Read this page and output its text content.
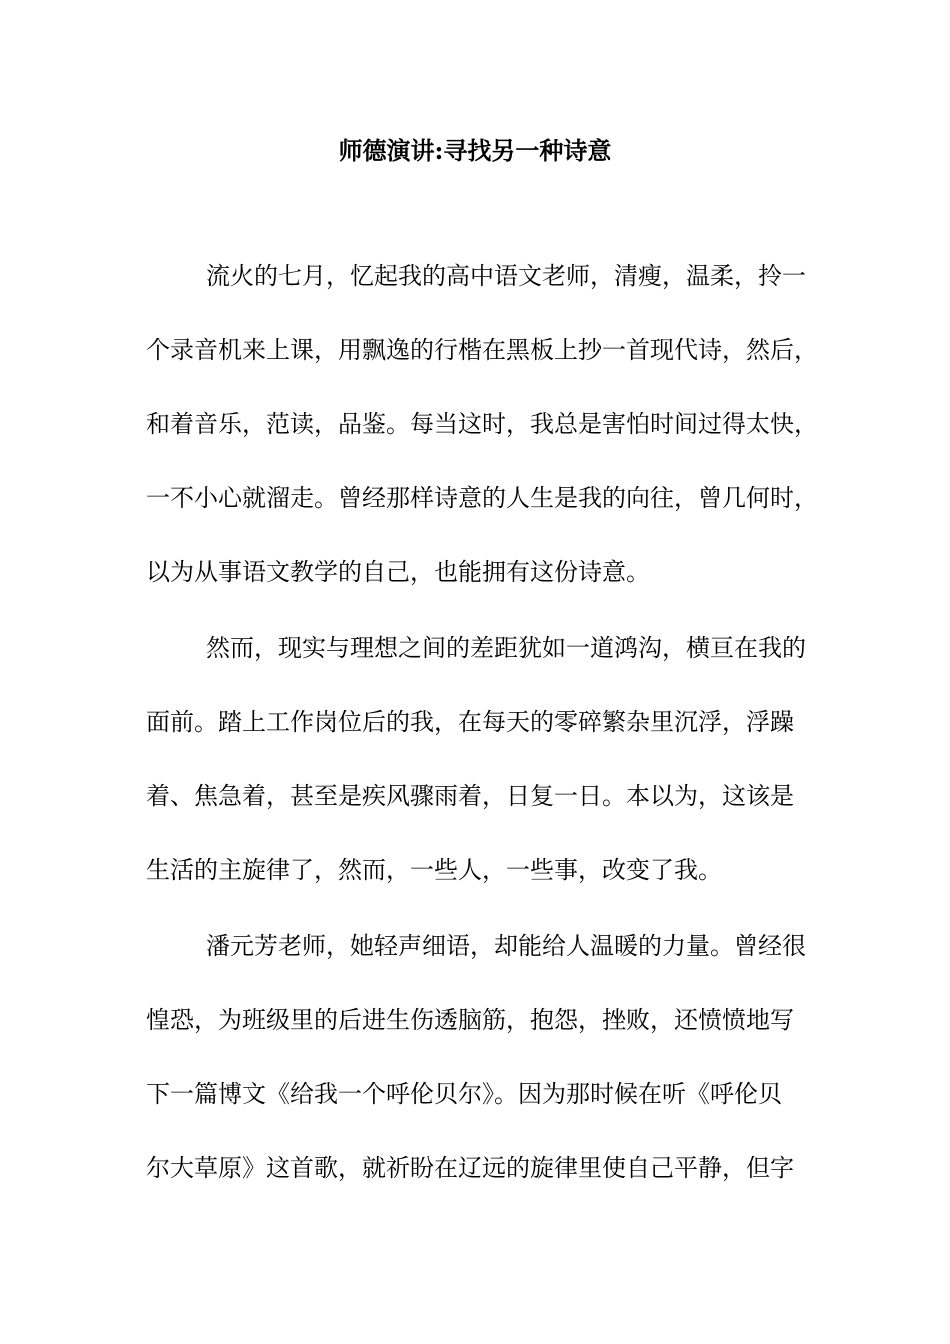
师德演讲:寻找另一种诗意
流火的七月，忆起我的高中语文老师，清瘦，温柔，拎一
个录音机来上课，用飘逸的行楷在黑板上抄一首现代诗，然后，
和着音乐，范读，品鉴。每当这时，我总是害怕时间过得太快，
一不小心就溜走。曾经那样诗意的人生是我的向往，曾几何时，
以为从事语文教学的自己，也能拥有这份诗意。
然而，现实与理想之间的差距犹如一道鸿沟，横亘在我的
面前。踏上工作岗位后的我，在每天的零碎繁杂里沉浮，浮躁
着、焦急着，甚至是疾风骤雨着，日复一日。本以为，这该是
生活的主旋律了，然而，一些人，一些事，改变了我。
潘元芳老师，她轻声细语，却能给人温暖的力量。曾经很
惶恐，为班级里的后进生伤透脑筋，抱怨，挫败，还愤愤地写
下一篇博文《给我一个呼伦贝尔》。因为那时候在听《呼伦贝
尔大草原》这首歌，就祈盼在辽远的旋律里使自己平静，但字
